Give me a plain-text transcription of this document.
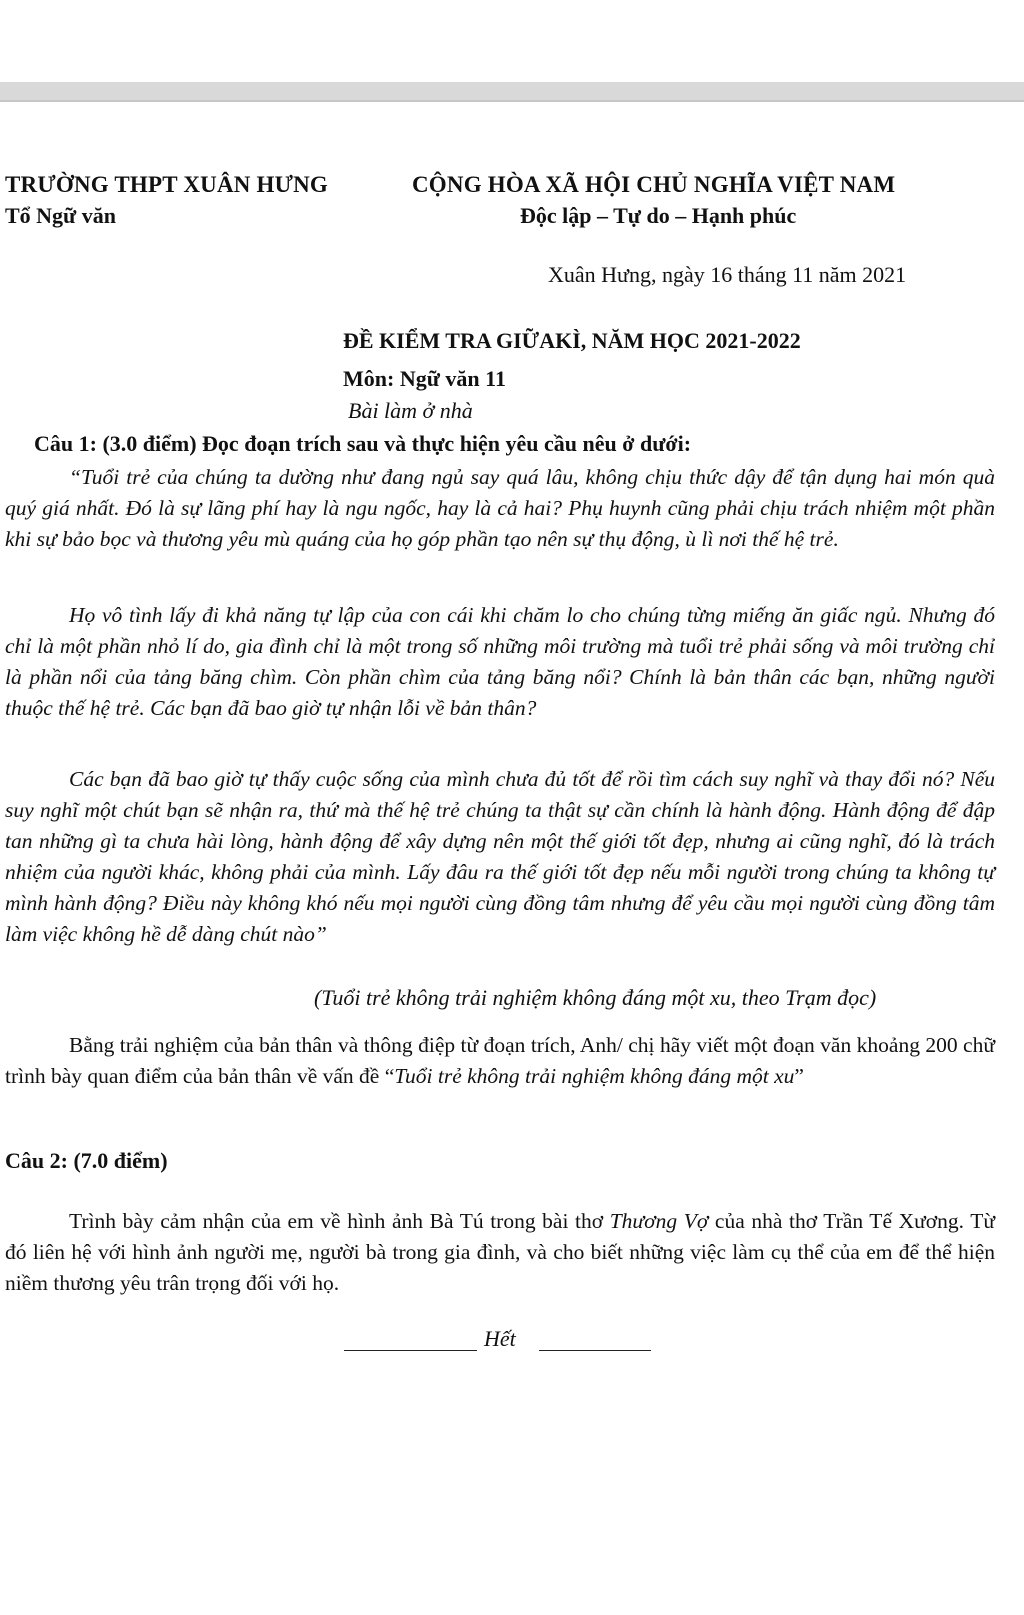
TRƯỜNG THPT XUÂN HƯNG
Tổ Ngữ văn
CỘNG HÒA XÃ HỘI CHỦ NGHĨA VIỆT NAM
Độc lập – Tự do – Hạnh phúc
Xuân Hưng, ngày 16 tháng 11 năm 2021
ĐỀ KIỂM TRA GIỮAKÌ, NĂM HỌC 2021-2022
Môn: Ngữ văn 11
Bài làm ở nhà
Câu 1: (3.0 điểm) Đọc đoạn trích sau và thực hiện yêu cầu nêu ở dưới:
“Tuổi trẻ của chúng ta dường như đang ngủ say quá lâu, không chịu thức dậy để tận dụng hai món quà quý giá nhất. Đó là sự lãng phí hay là ngu ngốc, hay là cả hai? Phụ huynh cũng phải chịu trách nhiệm một phần khi sự bảo bọc và thương yêu mù quáng của họ góp phần tạo nên sự thụ động, ù lì nơi thế hệ trẻ.
Họ vô tình lấy đi khả năng tự lập của con cái khi chăm lo cho chúng từng miếng ăn giấc ngủ. Nhưng đó chỉ là một phần nhỏ lí do, gia đình chỉ là một trong số những môi trường mà tuổi trẻ phải sống và môi trường chỉ là phần nổi của tảng băng chìm. Còn phần chìm của tảng băng nổi? Chính là bản thân các bạn, những người thuộc thế hệ trẻ. Các bạn đã bao giờ tự nhận lỗi về bản thân?
Các bạn đã bao giờ tự thấy cuộc sống của mình chưa đủ tốt để rồi tìm cách suy nghĩ và thay đổi nó? Nếu suy nghĩ một chút bạn sẽ nhận ra, thứ mà thế hệ trẻ chúng ta thật sự cần chính là hành động. Hành động để đập tan những gì ta chưa hài lòng, hành động để xây dựng nên một thế giới tốt đẹp, nhưng ai cũng nghĩ, đó là trách nhiệm của người khác, không phải của mình. Lấy đâu ra thế giới tốt đẹp nếu mỗi người trong chúng ta không tự mình hành động? Điều này không khó nếu mọi người cùng đồng tâm nhưng để yêu cầu mọi người cùng đồng tâm làm việc không hề dễ dàng chút nào”
(Tuổi trẻ không trải nghiệm không đáng một xu, theo Trạm đọc)
Bằng trải nghiệm của bản thân và thông điệp từ đoạn trích, Anh/ chị hãy viết một đoạn văn khoảng 200 chữ trình bày quan điểm của bản thân về vấn đề “Tuổi trẻ không trải nghiệm không đáng một xu”
Câu 2: (7.0 điểm)
Trình bày cảm nhận của em về hình ảnh Bà Tú trong bài thơ Thương Vợ của nhà thơ Trần Tế Xương. Từ đó liên hệ với hình ảnh người mẹ, người bà trong gia đình, và cho biết những việc làm cụ thể của em để thể hiện niềm thương yêu trân trọng đối với họ.
Hết
